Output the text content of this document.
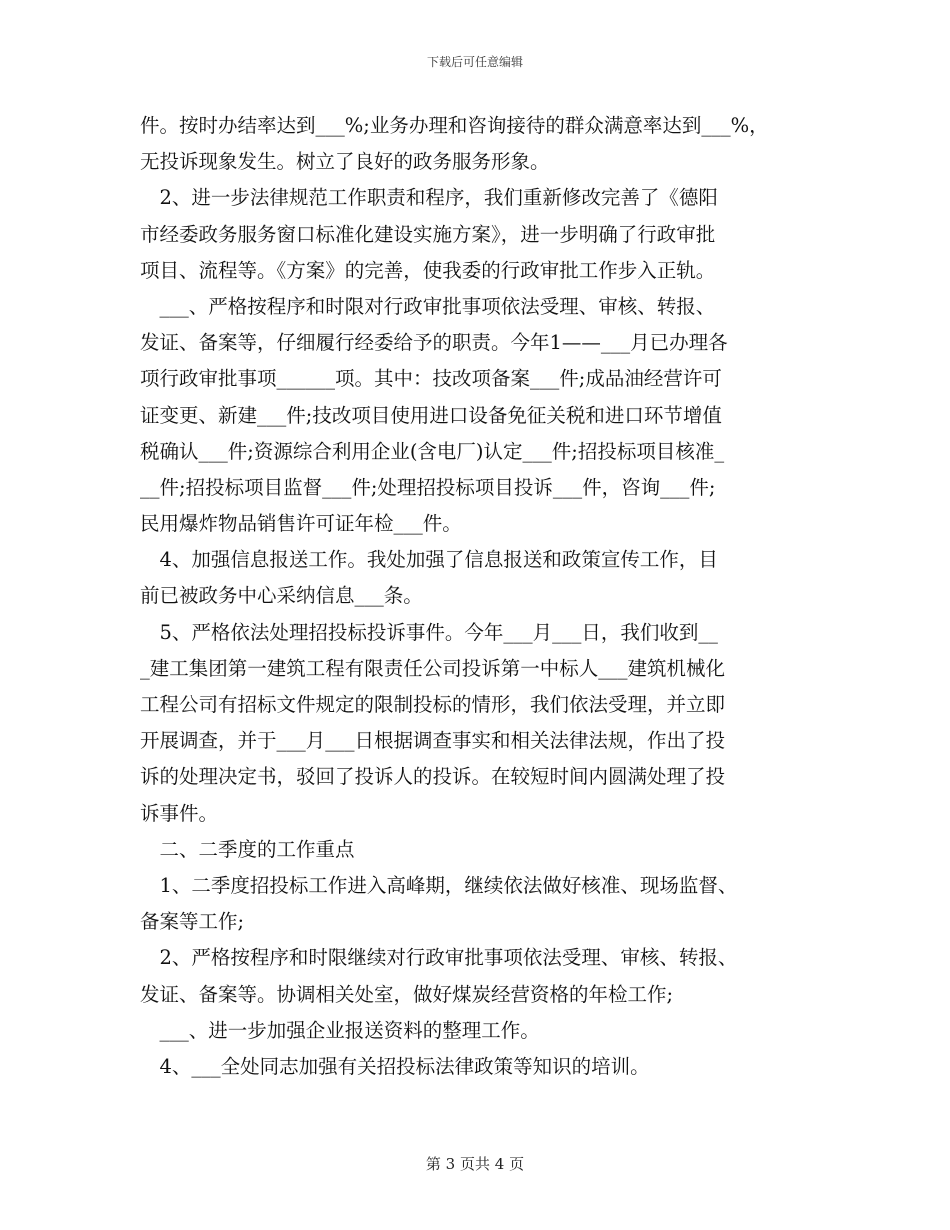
下载后可任意编辑
件。按时办结率达到___%;业务办理和咨询接待的群众满意率达到___%，
无投诉现象发生。树立了良好的政务服务形象。
　2、进一步法律规范工作职责和程序，我们重新修改完善了《德阳
市经委政务服务窗口标准化建设实施方案》，进一步明确了行政审批
项目、流程等。《方案》的完善，使我委的行政审批工作步入正轨。
　___、严格按程序和时限对行政审批事项依法受理、审核、转报、
发证、备案等，仔细履行经委给予的职责。今年1——___月已办理各
项行政审批事项______项。其中：技改项备案___件;成品油经营许可
证变更、新建___件;技改项目使用进口设备免征关税和进口环节增值
税确认___件;资源综合利用企业(含电厂)认定___件;招投标项目核准_
__件;招投标项目监督___件;处理招投标项目投诉___件，咨询___件;
民用爆炸物品销售许可证年检___件。
　4、加强信息报送工作。我处加强了信息报送和政策宣传工作，目
前已被政务中心采纳信息___条。
　5、严格依法处理招投标投诉事件。今年___月___日，我们收到__
_建工集团第一建筑工程有限责任公司投诉第一中标人___建筑机械化
工程公司有招标文件规定的限制投标的情形，我们依法受理，并立即
开展调查，并于___月___日根据调查事实和相关法律法规，作出了投
诉的处理决定书，驳回了投诉人的投诉。在较短时间内圆满处理了投
诉事件。
　二、二季度的工作重点
　1、二季度招投标工作进入高峰期，继续依法做好核准、现场监督、
备案等工作;
　2、严格按程序和时限继续对行政审批事项依法受理、审核、转报、
发证、备案等。协调相关处室，做好煤炭经营资格的年检工作;
　___、进一步加强企业报送资料的整理工作。
　4、___全处同志加强有关招投标法律政策等知识的培训。
第 3 页共 4 页
